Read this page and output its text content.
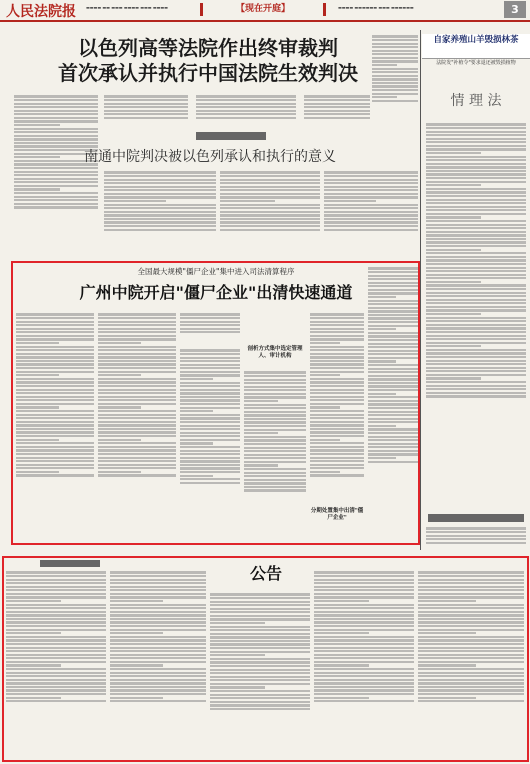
人民法院报	▬▬▬▬ ▬▬ ▬▬▬ ▬▬▬▬ ▬▬▬ ▬▬▬▬	【现在开庭】	▬▬▬▬ ▬▬▬▬▬▬ ▬▬▬ ▬▬▬▬▬▬	3
以色列高等法院作出终审裁判
首次承认并执行中国法院生效判决
南通中院判决被以色列承认和执行的意义
自家养殖山羊毁损林茶
法院发"补植令"要求退还被毁损植物
情 理 法
全国最大规模"僵尸企业"集中进入司法清算程序
广州中院开启"僵尸企业"出清快速通道
剖析方式集中选定管理人、审计机构
分期处置集中出清"僵尸企业"
公告
